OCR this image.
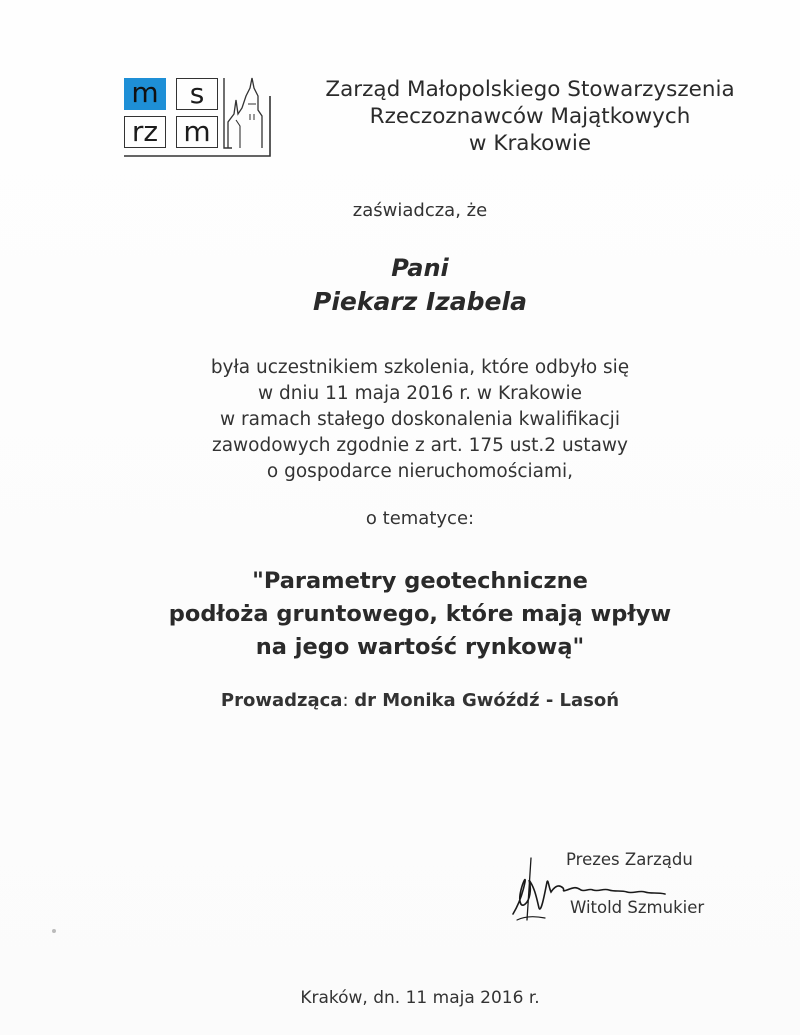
m	s
rz m
Zarząd Małopolskiego Stowarzyszenia
Rzeczoznawców Majątkowych
w Krakowie
zaświadcza, że
Pani
Piekarz Izabela
była uczestnikiem szkolenia, które odbyło się
w dniu 11 maja 2016 r. w Krakowie
w ramach stałego doskonalenia kwalifikacji
zawodowych zgodnie z art. 175 ust.2 ustawy
o gospodarce nieruchomościami,
o tematyce:
"Parametry geotechniczne
podłoża gruntowego, które mają wpływ
na jego wartość rynkową"
Prowadząca: dr Monika Gwóźdź - Lasoń
Prezes Zarządu
Witold Szmukier
Kraków, dn. 11 maja 2016 r.
